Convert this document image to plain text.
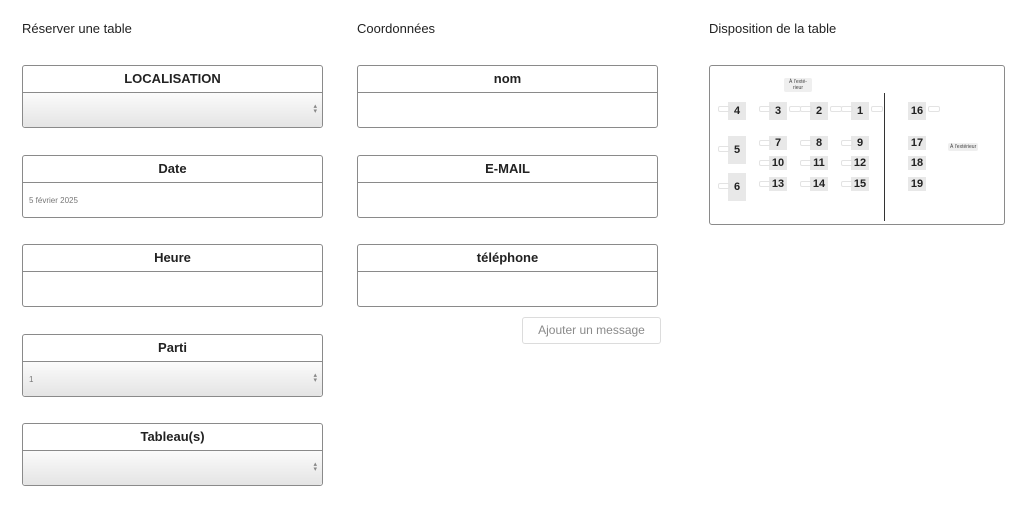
Réserver une table	Coordonnées	Disposition de la table
LOCALISATION
▴
▾
Date
5 février 2025
Heure
Parti
1	▴
▾
Tableau(s)
▴
▾
nom
E-MAIL
téléphone
Ajouter un message
À l'exté- rieur
À l'extérieur
4	3	2	1	16
5
6
7	8	9	17
10	11	12	18
13	14	15	19
